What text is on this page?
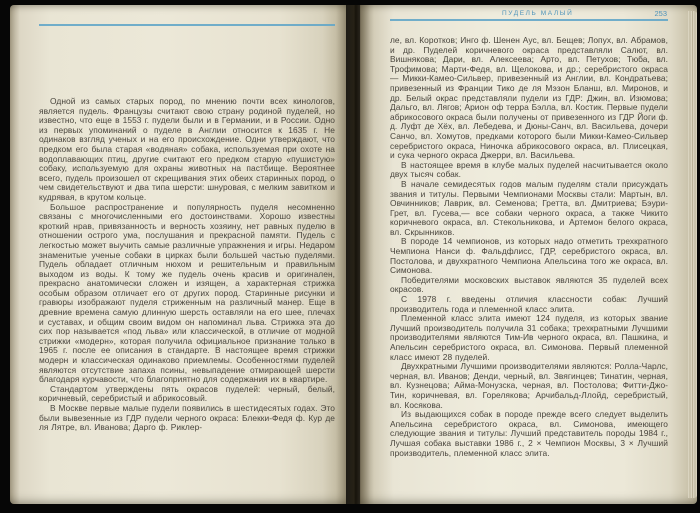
Одной из самых старых пород, по мнению почти всех кинологов, является пудель. Французы считают свою страну родиной пуделей, но известно, что еще в 1553 г. пудели были и в Германии, и в России. Одно из первых упоминаний о пуделе в Англии относится к 1635 г. Не одинаков взгляд ученых и на его происхождение. Одни утверждают, что предком его была старая «водяная» собака, используемая при охоте на водоплавающих птиц, другие считают его предком старую «пушистую» собаку, используемую для охраны животных на пастбище. Вероятнее всего, пудель произошел от скрещивания этих обеих старинных пород, о чем свидетельствуют и два типа шерсти: шнуровая, с мелким завитком и кудрявая, в крутом кольце.

Большое распространение и популярность пуделя несомненно связаны с многочисленными его достоинствами. Хорошо известны кроткий нрав, привязанность и верность хозяину, нет равных пуделю в отношении острого ума, послушания и прекрасной памяти. Пудель с легкостью может выучить самые различные упражнения и игры. Недаром знаменитые ученые собаки в цирках были большей частью пуделями. Пудель обладает отличным нюхом и решительным и правильным выходом из воды. К тому же пудель очень красив и оригинален, прекрасно анатомически сложен и изящен, а характерная стрижка особым образом отличает его от других пород. Старинные рисунки и гравюры изображают пуделя стриженным на различный манер. Еще в древние времена самую длинную шерсть оставляли на его шее, плечах и суставах, и общим своим видом он напоминал льва. Стрижка эта до сих пор называется «под льва» или классической, в отличие от модной стрижки «модерн», которая получила официальное признание только в 1965 г. после ее описания в стандарте. В настоящее время стрижки модерн и классическая одинаково приемлемы. Особенностями пуделей являются отсутствие запаха псины, невыпадение отмирающей шерсти благодаря курчавости, что благоприятно для содержания их в квартире.

Стандартом утверждены пять окрасов пуделей: черный, белый, коричневый, серебристый и абрикосовый.

В Москве первые малые пудели появились в шестидесятых годах. Это были вывезенные из ГДР пудели черного окраса: Блекки-Федя ф. Кур де ля Лятре, вл. Иванова; Дарго ф. Риклер-

ПУДЕЛЬ МАЛЫЙ	253

ле, вл. Коротков; Инго ф. Шенен Аус, вл. Бещев; Лопух, вл. Абрамов, и др. Пуделей коричневого окраса представляли Салют, вл. Вишнякова; Дари, вл. Алексеева; Арто, вл. Петухов; Тюба, вл. Трофимова; Марти-Федя, вл. Щелокова, и др.; серебристого окраса — Микки-Камео-Сильвер, привезенный из Англии, вл. Кондратьева; привезенный из Франции Тико де ля Мэзон Бланш, вл. Миронов, и др. Белый окрас представляли пудели из ГДР: Джин, вл. Изюмова; Дальго, вл. Лягов; Арион оф терра Бэлла, вл. Костик. Первые пудели абрикосового окраса были получены от привезенного из ГДР Йоги ф. д. Луфт де Хёх, вл. Лебедева, и Дюны-Санч, вл. Васильева, дочери Санчо, вл. Хомутов, предками которого были Микки-Камео-Сильвер серебристого окраса, Ниночка абрикосового окраса, вл. Плисецкая, и сука черного окраса Джерри, вл. Васильева.

В настоящее время в клубе малых пуделей насчитывается около двух тысяч собак.

В начале семидесятых годов малым пуделям стали присуждать звания и титулы. Первыми Чемпионами Москвы стали: Мартын, вл. Овчинников; Лаврик, вл. Семенова; Гретта, вл. Дмитриева; Бэури-Грет, вл. Гусева,— все собаки черного окраса, а также Чикито коричневого окраса, вл. Стекольникова, и Артемон белого окраса, вл. Скрынников.

В породе 14 чемпионов, из которых надо отметить трехкратного Чемпиона Нанси ф. Фальдфлисс, ГДР, серебристого окраса, вл. Постолова, и двухкратного Чемпиона Апельсина того же окраса, вл. Симонова.

Победителями московских выставок являются 35 пуделей всех окрасов.

С 1978 г. введены отличия классности собак: Лучший производитель года и племенной класс элита.

Племенной класс элита имеют 124 пуделя, из которых звание Лучший производитель получила 31 собака; трехкратными Лучшими производителями являются Тим-Ив черного окраса, вл. Пашкина, и Апельсин серебристого окраса, вл. Симонова. Первый племенной класс имеют 28 пуделей.

Двухкратными Лучшими производителями являются: Ролла-Чарлс, черная, вл. Иванов; Денди, черный, вл. Звягинцев; Тинатин, черная, вл. Кузнецова; Айма-Монузска, черная, вл. Постолова; Фитти-Джо-Тин, коричневая, вл. Горелякова; Арчибальд-Ллойд, серебристый, вл. Косякова.

Из выдающихся собак в породе прежде всего следует выделить Апельсина серебристого окраса, вл. Симонова, имеющего следующие звания и титулы: Лучший представитель породы 1984 г., Лучшая собака выставки 1986 г., 2 × Чемпион Москвы, 3 × Лучший производитель, племенной класс элита.
